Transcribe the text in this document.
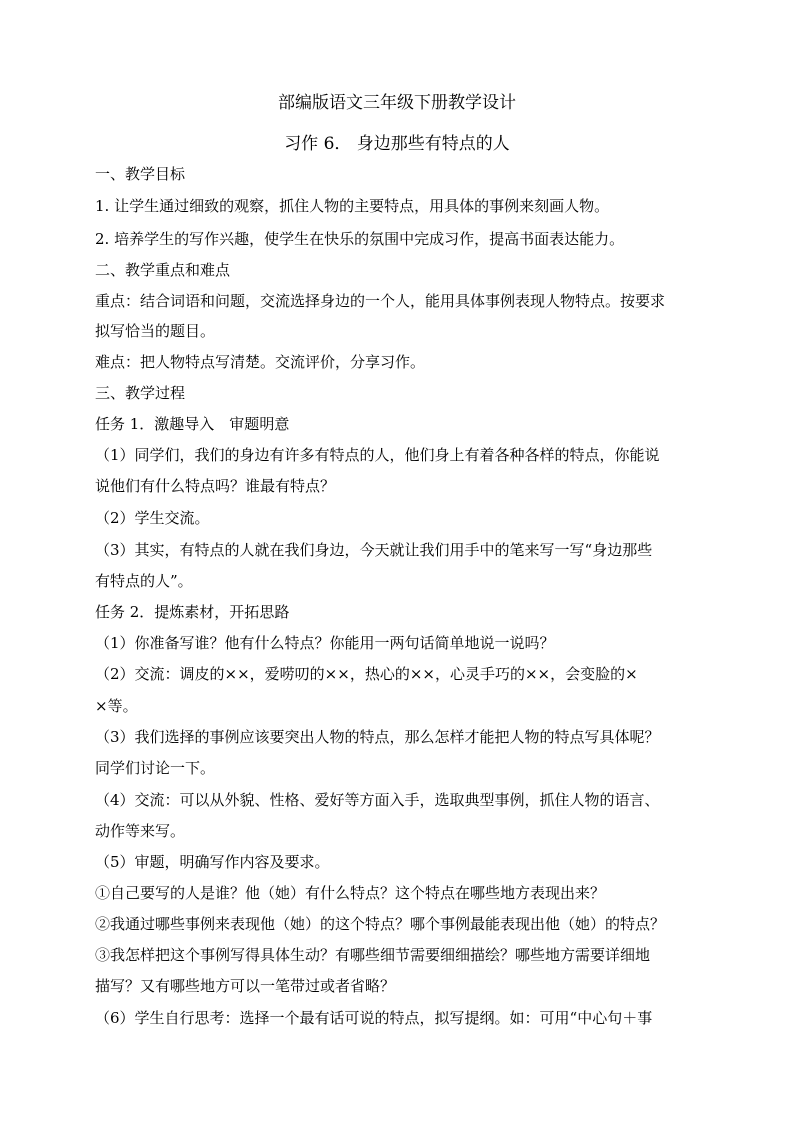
部编版语文三年级下册教学设计
习作 6． 身边那些有特点的人
一、教学目标
1. 让学生通过细致的观察，抓住人物的主要特点，用具体的事例来刻画人物。
2. 培养学生的写作兴趣，使学生在快乐的氛围中完成习作，提高书面表达能力。
二、教学重点和难点
重点：结合词语和问题，交流选择身边的一个人，能用具体事例表现人物特点。按要求
拟写恰当的题目。
难点：把人物特点写清楚。交流评价，分享习作。
三、教学过程
任务 1．激趣导入　审题明意
（1）同学们，我们的身边有许多有特点的人，他们身上有着各种各样的特点，你能说
说他们有什么特点吗？谁最有特点？
（2）学生交流。
（3）其实，有特点的人就在我们身边，今天就让我们用手中的笔来写一写“身边那些
有特点的人”。
任务 2．提炼素材，开拓思路
（1）你准备写谁？他有什么特点？你能用一两句话简单地说一说吗？
（2）交流：调皮的××，爱唠叨的××，热心的××，心灵手巧的××，会变脸的×
×等。
（3）我们选择的事例应该要突出人物的特点，那么怎样才能把人物的特点写具体呢？
同学们讨论一下。
（4）交流：可以从外貌、性格、爱好等方面入手，选取典型事例，抓住人物的语言、
动作等来写。
（5）审题，明确写作内容及要求。
①自己要写的人是谁？他（她）有什么特点？这个特点在哪些地方表现出来？
②我通过哪些事例来表现他（她）的这个特点？哪个事例最能表现出他（她）的特点？
③我怎样把这个事例写得具体生动？有哪些细节需要细细描绘？哪些地方需要详细地
描写？又有哪些地方可以一笔带过或者省略？
（6）学生自行思考：选择一个最有话可说的特点，拟写提纲。如：可用“中心句＋事
